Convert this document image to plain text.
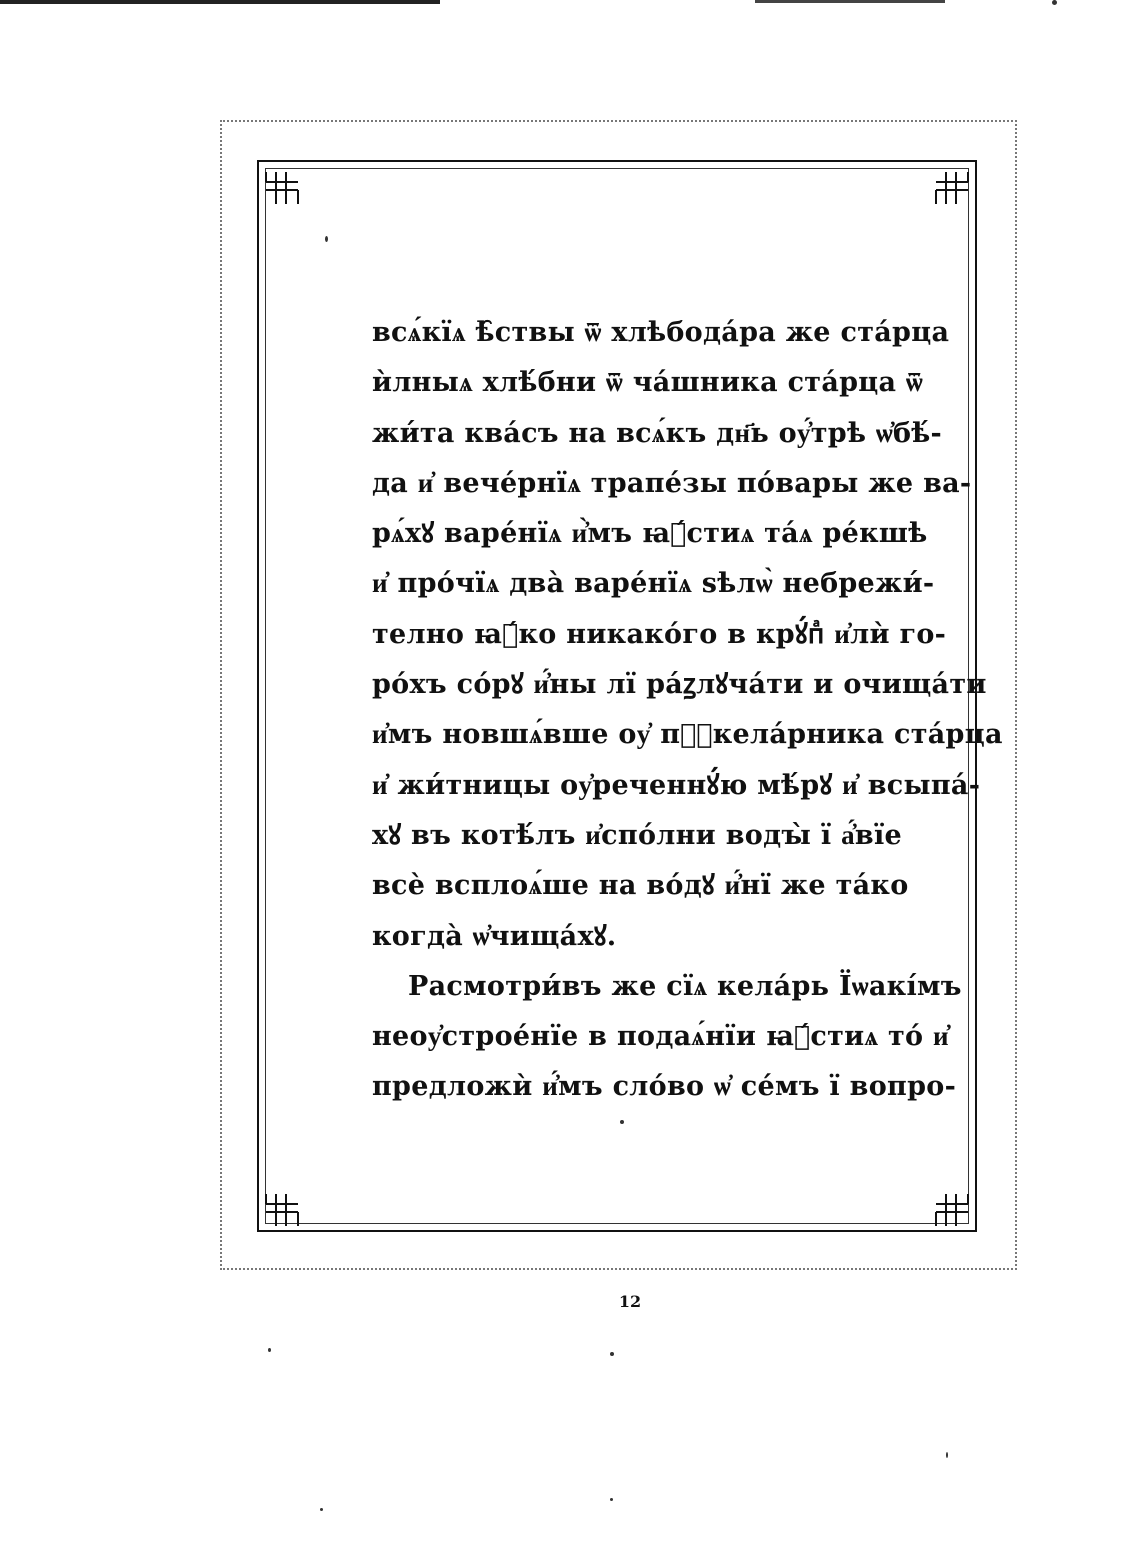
всѧ́кїѧ ѣ̑ствы ѿ хлѣбодáра же стáрца
ѝлныѧ хлѣ́бни ѿ чáшника стáрца ѿ
жи́та квáсъ на всѧ́къ дн҃ь оу҆́трѣ ѡ҆бѣ́-
да и҆ вечéрнїѧ трапéзы пóвары же ва-
рѧ́хꙋ варéнїѧ и҆̀мъ ꙗ҆́стиѧ тáѧ рéкшѣ
и҆ прóчїѧ двà варéнїѧ ѕѣлѡ̀ небрежи́-
телно ꙗ҆́ко никакóго в крꙋ́пⷶ и҆лѝ го-
рóхъ сóрꙋ и҆́ны лї ра́ꙁлꙋчáти и очищáти
и҆мъ новшѧ́вше оу҆ пⷪ҇келáрника стáрца
и҆ жи́тницы оу҆реченнꙋ́ю мѣ́рꙋ и҆ всыпá-
хꙋ въ котѣ́лъ и҆спóлни водꙑ̀ ї а҆́вїе
всѐ всплоѧ́ше на вóдꙋ и҆́нї же тáко
когдà ѡ҆чищáхꙋ.
Расмотри́въ же сїѧ келáрь Їѡакі́мъ
неоу҆строéнїе в подаѧ́нїи ꙗ҆́стиѧ тó и҆
предложѝ и҆́мъ слóво ѡ҆ сéмъ ї вопро-
12
